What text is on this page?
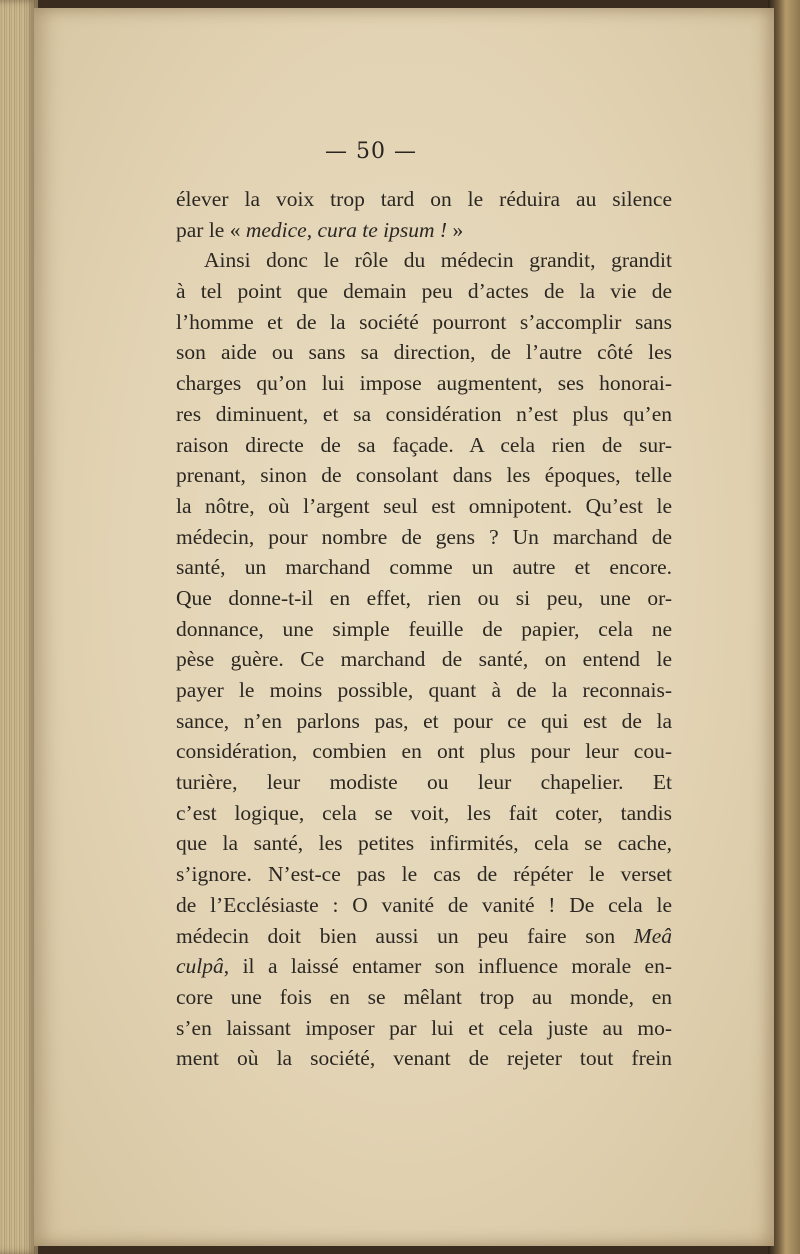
— 50 —
élever la voix trop tard on le réduira au silence
par le « medice, cura te ipsum ! »
Ainsi donc le rôle du médecin grandit, grandit
à tel point que demain peu d’actes de la vie de
l’homme et de la société pourront s’accomplir sans
son aide ou sans sa direction, de l’autre côté les
charges qu’on lui impose augmentent, ses honorai-
res diminuent, et sa considération n’est plus qu’en
raison directe de sa façade. A cela rien de sur-
prenant, sinon de consolant dans les époques, telle
la nôtre, où l’argent seul est omnipotent. Qu’est le
médecin, pour nombre de gens ? Un marchand de
santé, un marchand comme un autre et encore.
Que donne-t-il en effet, rien ou si peu, une or-
donnance, une simple feuille de papier, cela ne
pèse guère. Ce marchand de santé, on entend le
payer le moins possible, quant à de la reconnais-
sance, n’en parlons pas, et pour ce qui est de la
considération, combien en ont plus pour leur cou-
turière, leur modiste ou leur chapelier. Et
c’est logique, cela se voit, les fait coter, tandis
que la santé, les petites infirmités, cela se cache,
s’ignore. N’est-ce pas le cas de répéter le verset
de l’Ecclésiaste : O vanité de vanité ! De cela le
médecin doit bien aussi un peu faire son Meâ
culpâ, il a laissé entamer son influence morale en-
core une fois en se mêlant trop au monde, en
s’en laissant imposer par lui et cela juste au mo-
ment où la société, venant de rejeter tout frein
